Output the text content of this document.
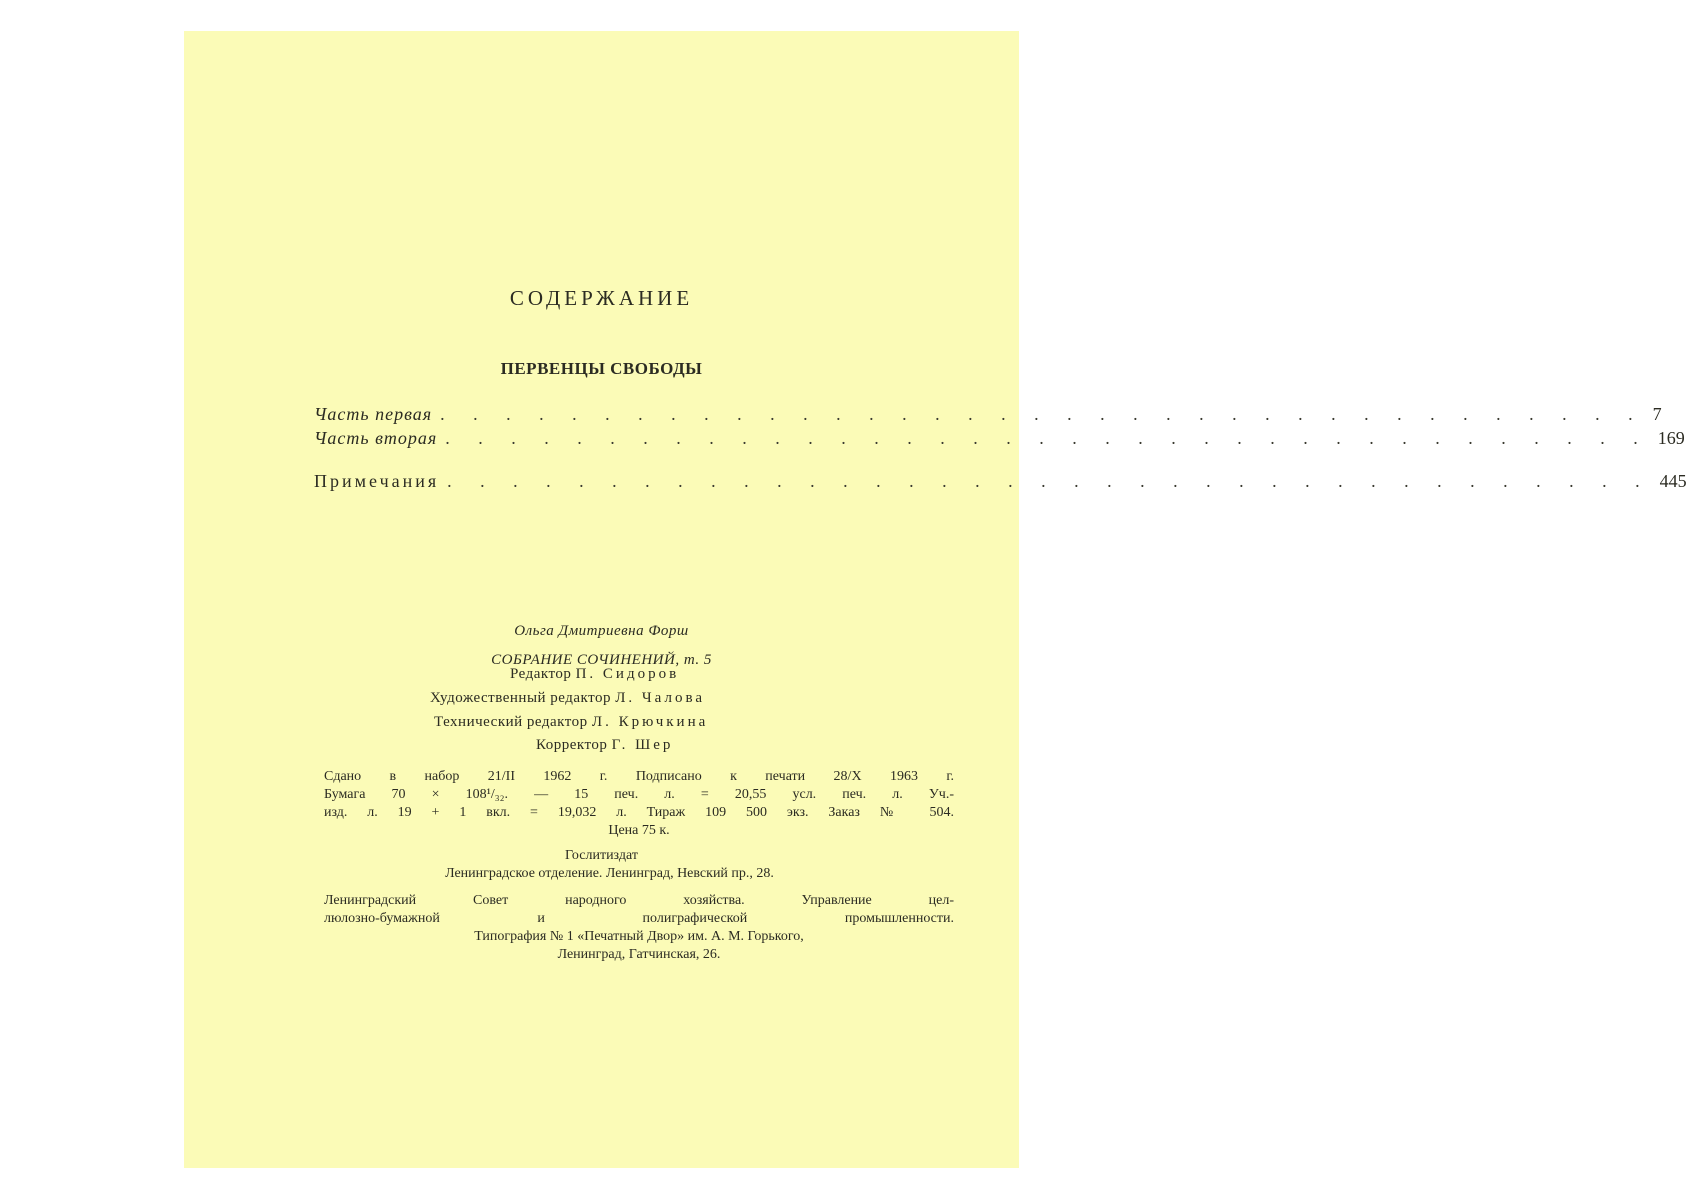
СОДЕРЖАНИЕ
ПЕРВЕНЦЫ СВОБОДЫ
Часть первая . . . . . . . . . . . . . . . . . . . . . . . . . . . . . . . . . . . . . 7
Часть вторая . . . . . . . . . . . . . . . . . . . . . . . . . . . . . . . . . . . . . 169
Примечания . . . . . . . . . . . . . . . . . . . . . . . . . . . . . . . . . . . . . 445
Ольга Дмитриевна Форш
СОБРАНИЕ СОЧИНЕНИЙ, т. 5
Редактор П. Сидоров
Художественный редактор Л. Чалова
Технический редактор Л. Крючкина
Корректор Г. Шер
Сдано в набор 21/II 1962 г. Подписано к печати 28/X 1963 г.
Бумага 70 × 108¹/₃₂. — 15 печ. л. = 20,55 усл. печ. л. Уч.-
изд. л. 19 + 1 вкл. = 19,032 л. Тираж 109 500 экз. Заказ № 504.
Цена 75 к.
Гослитиздат
Ленинградское отделение. Ленинград, Невский пр., 28.
Ленинградский Совет народного хозяйства. Управление цел-
люлозно-бумажной и полиграфической промышленности.
Типография № 1 «Печатный Двор» им. А. М. Горького,
Ленинград, Гатчинская, 26.
